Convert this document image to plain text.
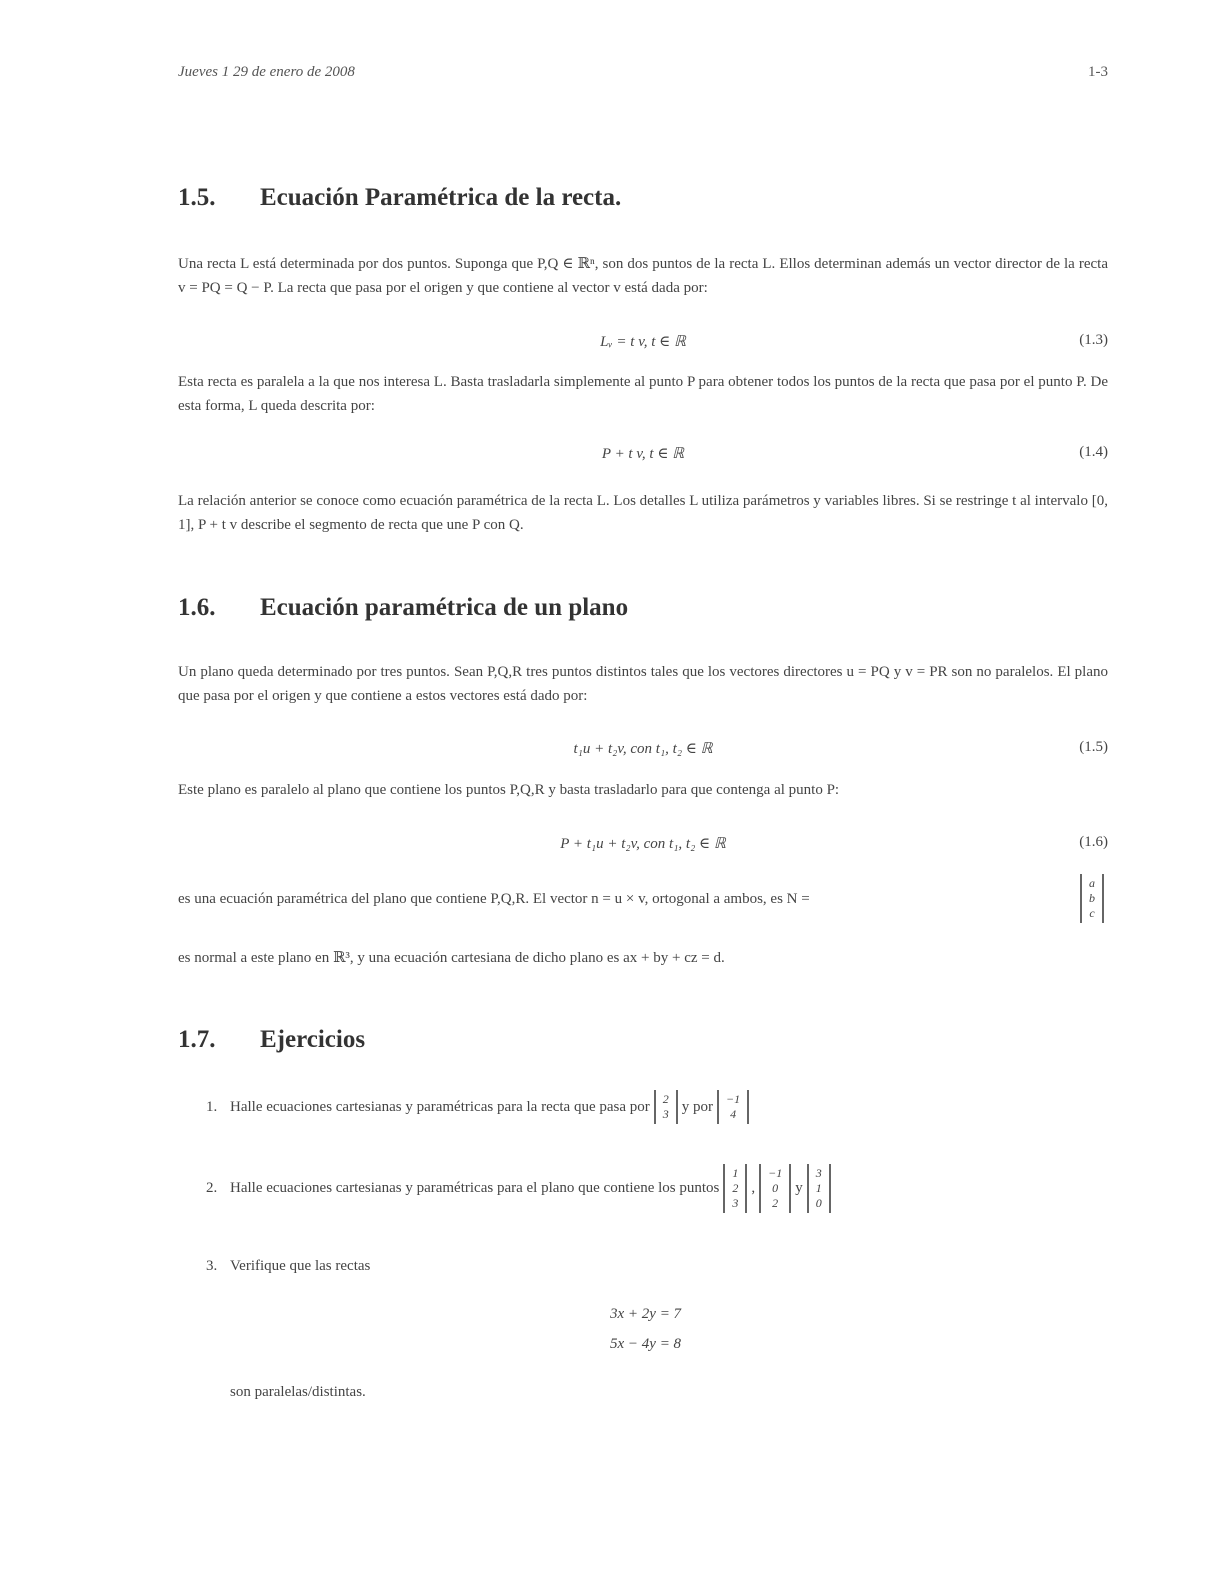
Jueves 1 29 de enero de 2008	1-3
1.5. Ecuación Paramétrica de la recta.
Una recta L está determinada por dos puntos. Suponga que P,Q ∈ ℝⁿ, son dos puntos de la recta L. Ellos determinan además un vector director de la recta v = PQ = Q − P. La recta que pasa por el origen y que contiene al vector v está dada por:
Lᵥ = t v, t ∈ ℝ	(1.3)
Esta recta es paralela a la que nos interesa L. Basta trasladarla simplemente al punto P para obtener todos los puntos de la recta que pasa por el punto P. De esta forma, L queda descrita por:
P + t v, t ∈ ℝ	(1.4)
La relación anterior se conoce como ecuación paramétrica de la recta L. Los detalles L utiliza parámetros y variables libres. Si se restringe t al intervalo [0, 1], P + t v describe el segmento de recta que une P con Q.
1.6. Ecuación paramétrica de un plano
Un plano queda determinado por tres puntos. Sean P,Q,R tres puntos distintos tales que los vectores directores u = PQ y v = PR son no paralelos. El plano que pasa por el origen y que contiene a estos vectores está dado por:
t₁u + t₂v, con t₁, t₂ ∈ ℝ	(1.5)
Este plano es paralelo al plano que contiene los puntos P,Q,R y basta trasladarlo para que contenga al punto P:
P + t₁u + t₂v, con t₁, t₂ ∈ ℝ	(1.6)
es una ecuación paramétrica del plano que contiene P,Q,R. El vector n = u × v, ortogonal a ambos, es N =
a
b
c
es normal a este plano en ℝ³, y una ecuación cartesiana de dicho plano es ax + by + cz = d.
1.7. Ejercicios
1. Halle ecuaciones cartesianas y paramétricas para la recta que pasa por 2
3 y por −1
4
2. Halle ecuaciones cartesianas y paramétricas para el plano que contiene los puntos
1
2
3
,
−1
0
2
y
3
1
0
3. Verifique que las rectas
3x + 2y = 7
5x − 4y = 8
son paralelas/distintas.
